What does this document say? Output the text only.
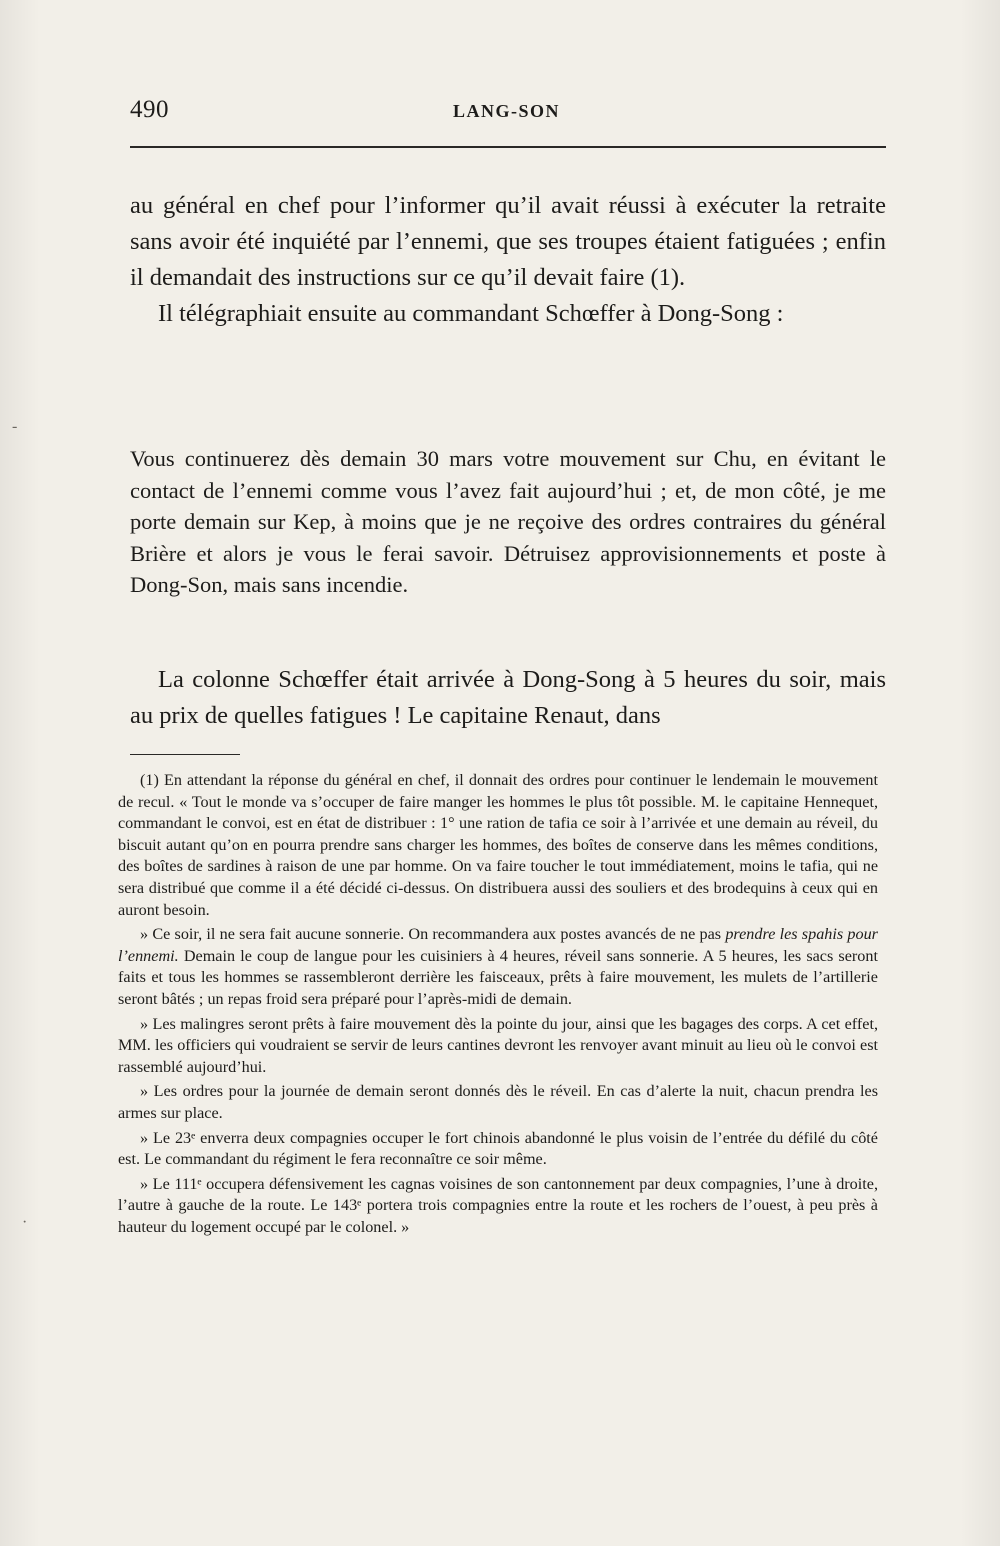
490	LANG-SON

au général en chef pour l’informer qu’il avait réussi à exécuter la retraite sans avoir été inquiété par l’ennemi, que ses troupes étaient fatiguées ; enfin il demandait des instructions sur ce qu’il devait faire (1).

Il télégraphiait ensuite au commandant Schœffer à Dong-Song :

Vous continuerez dès demain 30 mars votre mouvement sur Chu, en évitant le contact de l’ennemi comme vous l’avez fait aujourd’hui ; et, de mon côté, je me porte demain sur Kep, à moins que je ne reçoive des ordres contraires du général Brière et alors je vous le ferai savoir. Détruisez approvisionnements et poste à Dong-Son, mais sans incendie.

La colonne Schœffer était arrivée à Dong-Song à 5 heures du soir, mais au prix de quelles fatigues ! Le capitaine Renaut, dans

(1) En attendant la réponse du général en chef, il donnait des ordres pour continuer le lendemain le mouvement de recul. « Tout le monde va s’occuper de faire manger les hommes le plus tôt possible. M. le capitaine Hennequet, commandant le convoi, est en état de distribuer : 1° une ration de tafia ce soir à l’arrivée et une demain au réveil, du biscuit autant qu’on en pourra prendre sans charger les hommes, des boîtes de conserve dans les mêmes conditions, des boîtes de sardines à raison de une par homme. On va faire toucher le tout immédiatement, moins le tafia, qui ne sera distribué que comme il a été décidé ci-dessus. On distribuera aussi des souliers et des brodequins à ceux qui en auront besoin.

» Ce soir, il ne sera fait aucune sonnerie. On recommandera aux postes avancés de ne pas prendre les spahis pour l’ennemi. Demain le coup de langue pour les cuisiniers à 4 heures, réveil sans sonnerie. A 5 heures, les sacs seront faits et tous les hommes se rassembleront derrière les faisceaux, prêts à faire mouvement, les mulets de l’artillerie seront bâtés ; un repas froid sera préparé pour l’après-midi de demain.

» Les malingres seront prêts à faire mouvement dès la pointe du jour, ainsi que les bagages des corps. A cet effet, MM. les officiers qui voudraient se servir de leurs cantines devront les renvoyer avant minuit au lieu où le convoi est rassemblé aujourd’hui.

» Les ordres pour la journée de demain seront donnés dès le réveil. En cas d’alerte la nuit, chacun prendra les armes sur place.

» Le 23ᵉ enverra deux compagnies occuper le fort chinois abandonné le plus voisin de l’entrée du défilé du côté est. Le commandant du régiment le fera reconnaître ce soir même.

» Le 111ᵉ occupera défensivement les cagnas voisines de son cantonnement par deux compagnies, l’une à droite, l’autre à gauche de la route. Le 143ᵉ portera trois compagnies entre la route et les rochers de l’ouest, à peu près à hauteur du logement occupé par le colonel. »

-
·
